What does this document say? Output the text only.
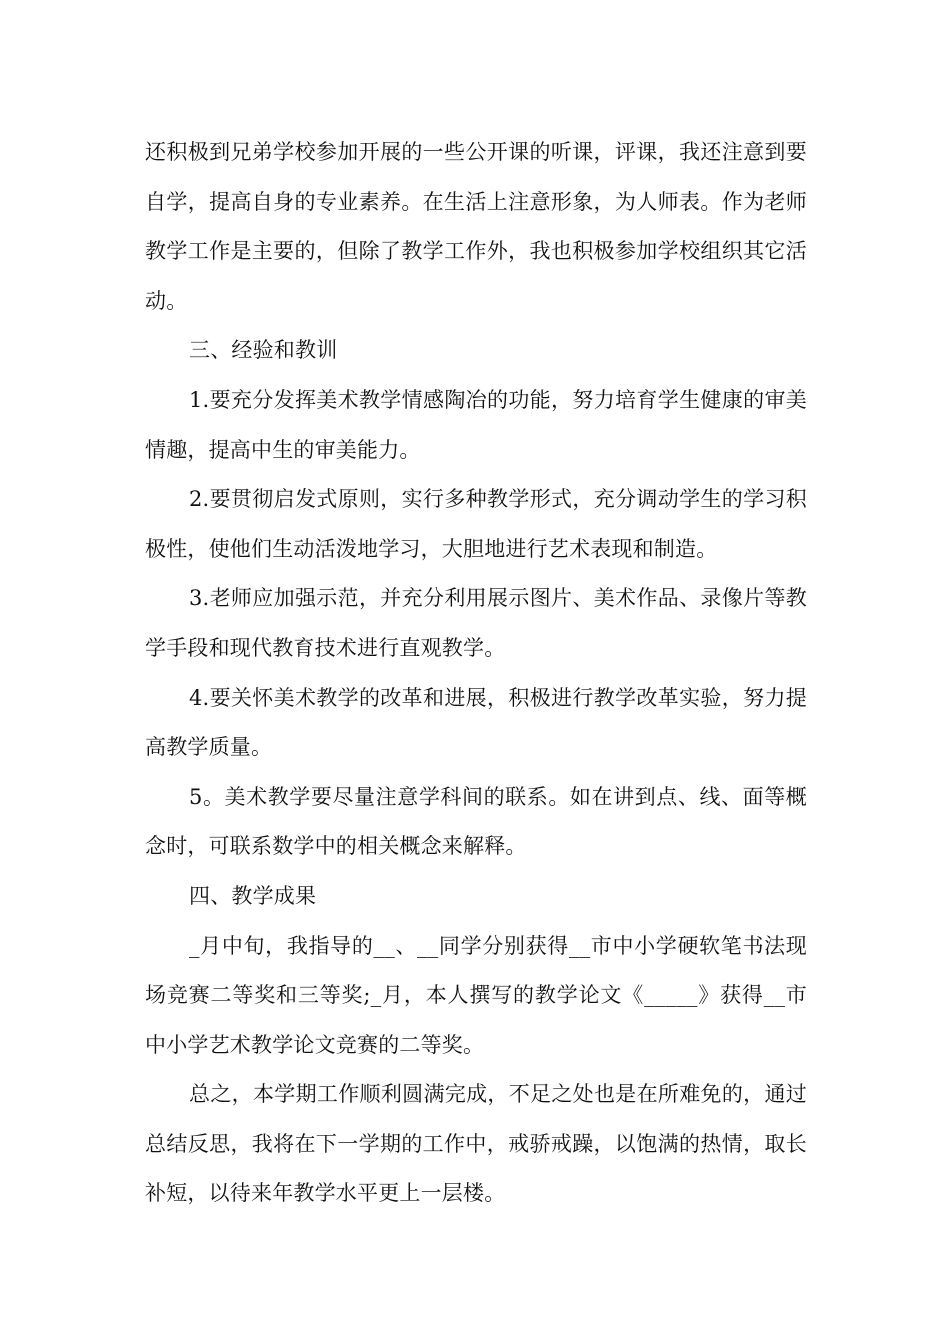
还积极到兄弟学校参加开展的一些公开课的听课，评课，我还注意到要自学，提高自身的专业素养。在生活上注意形象，为人师表。作为老师教学工作是主要的，但除了教学工作外，我也积极参加学校组织其它活动。

三、经验和教训

1.要充分发挥美术教学情感陶冶的功能，努力培育学生健康的审美情趣，提高中生的审美能力。

2.要贯彻启发式原则，实行多种教学形式，充分调动学生的学习积极性，使他们生动活泼地学习，大胆地进行艺术表现和制造。

3.老师应加强示范，并充分利用展示图片、美术作品、录像片等教学手段和现代教育技术进行直观教学。

4.要关怀美术教学的改革和进展，积极进行教学改革实验，努力提高教学质量。

5。美术教学要尽量注意学科间的联系。如在讲到点、线、面等概念时，可联系数学中的相关概念来解释。

四、教学成果

_月中旬，我指导的__、__同学分别获得__市中小学硬软笔书法现场竞赛二等奖和三等奖;_月，本人撰写的教学论文《_____》获得__市中小学艺术教学论文竞赛的二等奖。

总之，本学期工作顺利圆满完成，不足之处也是在所难免的，通过总结反思，我将在下一学期的工作中，戒骄戒躁，以饱满的热情，取长补短，以待来年教学水平更上一层楼。
